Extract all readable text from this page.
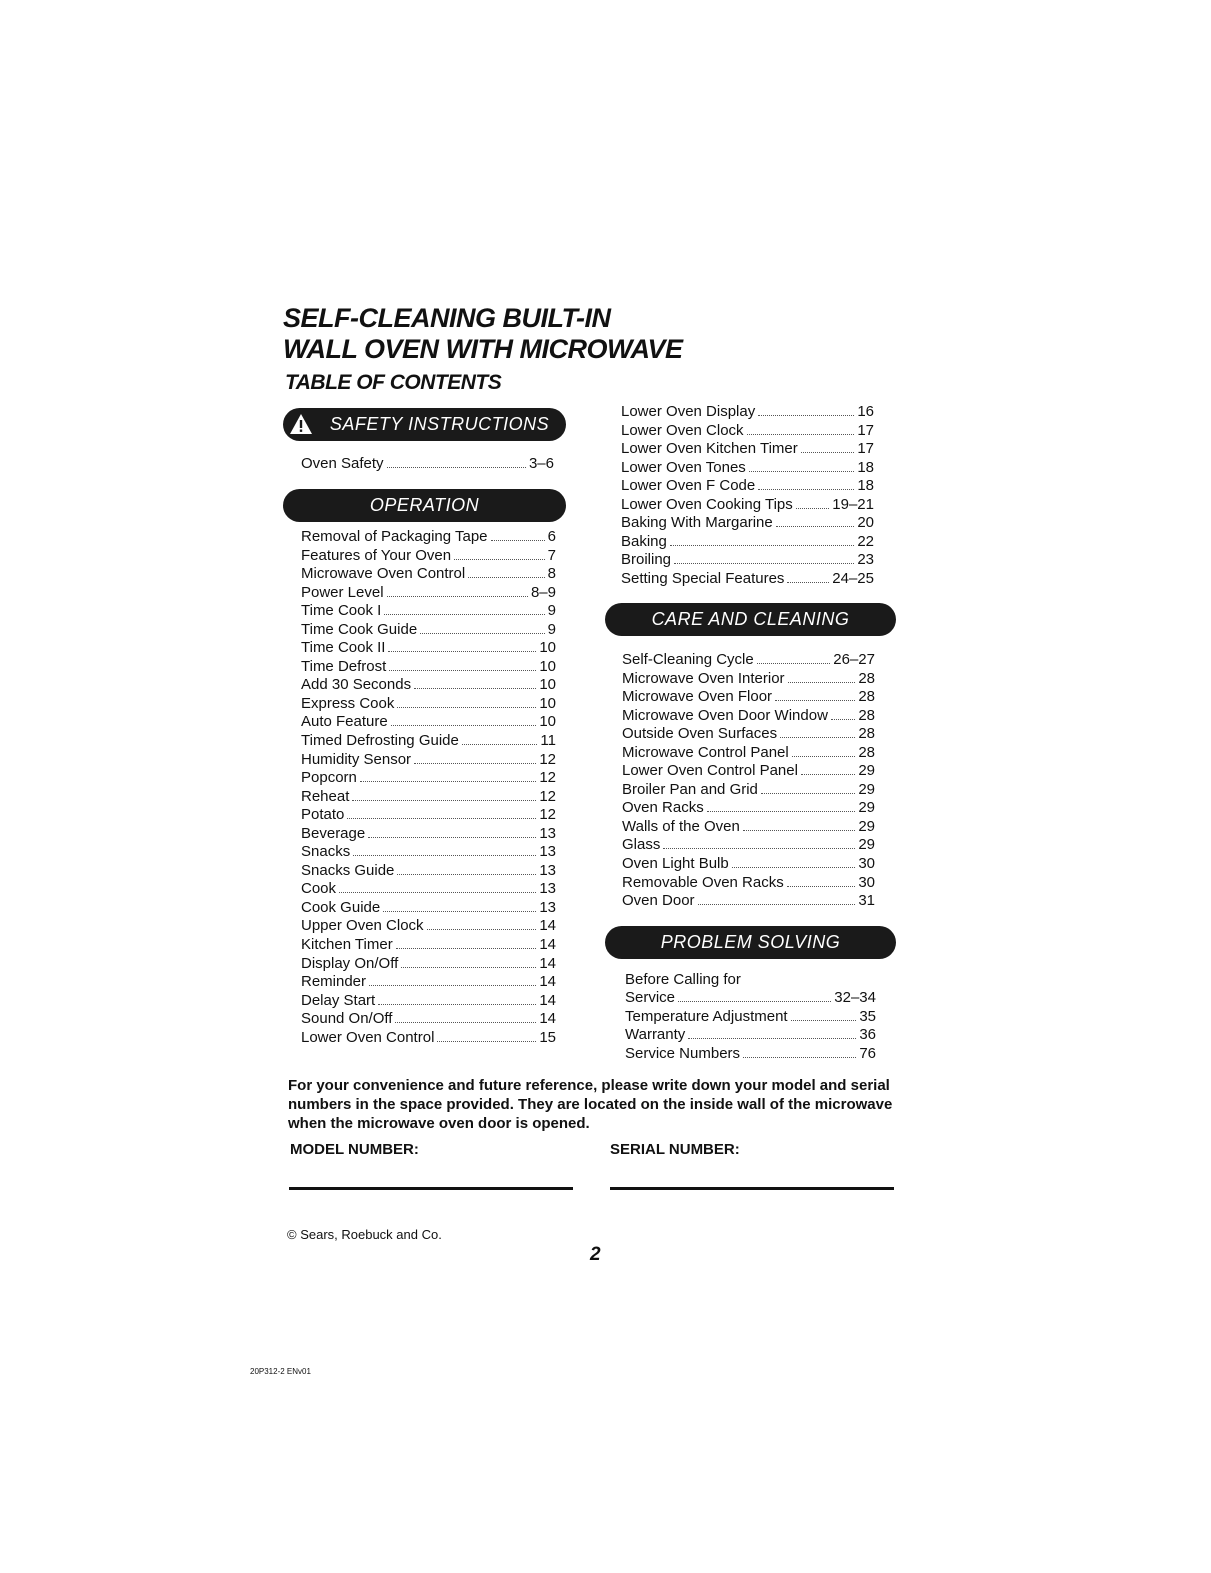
SELF-CLEANING BUILT-IN
WALL OVEN WITH MICROWAVE
TABLE OF CONTENTS
SAFETY INSTRUCTIONS
Oven Safety	3–6
OPERATION
Removal of Packaging Tape	6
Features of Your Oven	7
Microwave Oven Control	8
Power Level	8–9
Time Cook I	9
Time Cook Guide	9
Time Cook II	10
Time Defrost	10
Add 30 Seconds	10
Express Cook	10
Auto Feature	10
Timed Defrosting Guide	11
Humidity Sensor	12
Popcorn	12
Reheat	12
Potato	12
Beverage	13
Snacks	13
Snacks Guide	13
Cook	13
Cook Guide	13
Upper Oven Clock	14
Kitchen Timer	14
Display On/Off	14
Reminder	14
Delay Start	14
Sound On/Off	14
Lower Oven Control	15
Lower Oven Display	16
Lower Oven Clock	17
Lower Oven Kitchen Timer	17
Lower Oven Tones	18
Lower Oven F Code	18
Lower Oven Cooking Tips	19–21
Baking With Margarine	20
Baking	22
Broiling	23
Setting Special Features	24–25
CARE AND CLEANING
Self-Cleaning Cycle	26–27
Microwave Oven Interior	28
Microwave Oven Floor	28
Microwave Oven Door Window 28
Outside Oven Surfaces	28
Microwave Control Panel	28
Lower Oven Control Panel	29
Broiler Pan and Grid	29
Oven Racks	29
Walls of the Oven	29
Glass	29
Oven Light Bulb	30
Removable Oven Racks	30
Oven Door	31
PROBLEM SOLVING
Before Calling for
Service	32–34
Temperature Adjustment	35
Warranty	36
Service Numbers	76

For your convenience and future reference, please write down your model and serial numbers in the space provided. They are located on the inside wall of the microwave when the microwave oven door is opened.

MODEL NUMBER:	SERIAL NUMBER:
© Sears, Roebuck and Co.
2
20P312-2 ENv01
